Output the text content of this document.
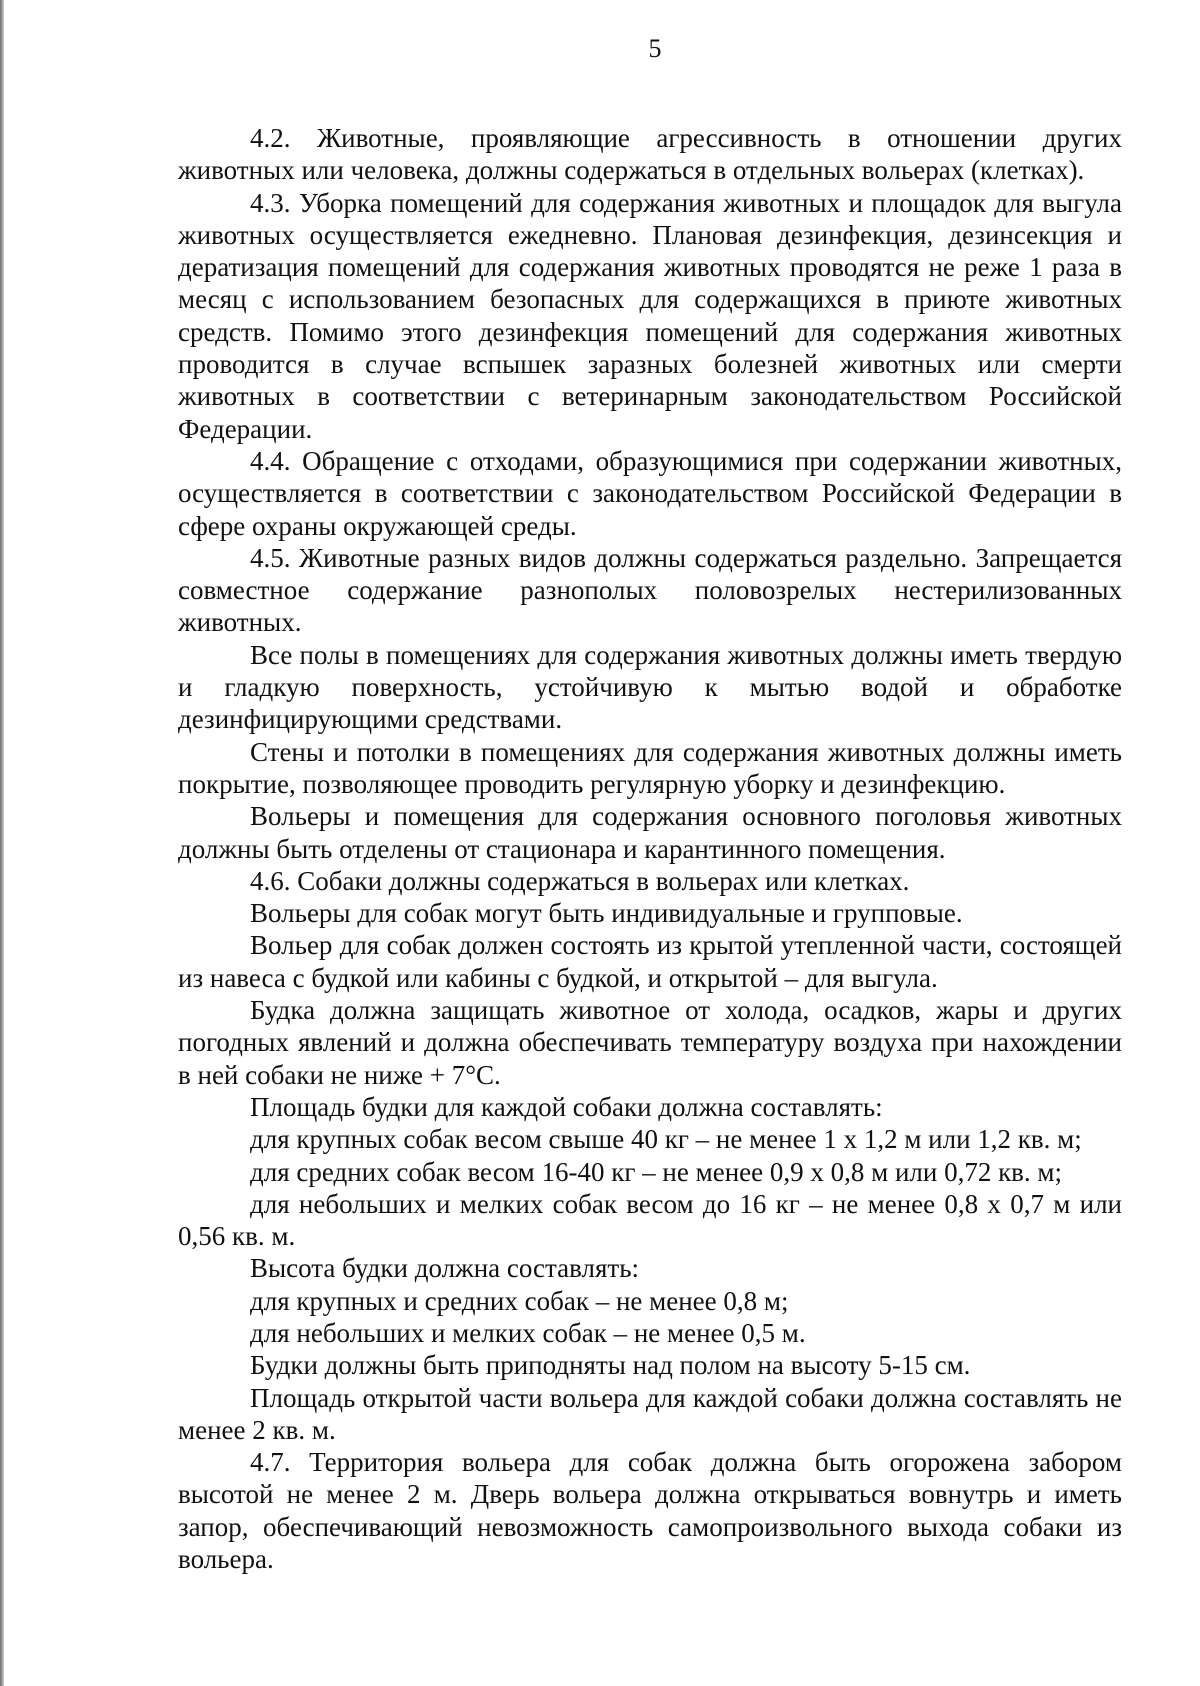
5

4.2. Животные, проявляющие агрессивность в отношении других животных или человека, должны содержаться в отдельных вольерах (клетках).

4.3. Уборка помещений для содержания животных и площадок для выгула животных осуществляется ежедневно. Плановая дезинфекция, дезинсекция и дератизация помещений для содержания животных проводятся не реже 1 раза в месяц с использованием безопасных для содержащихся в приюте животных средств. Помимо этого дезинфекция помещений для содержания животных проводится в случае вспышек заразных болезней животных или смерти животных в соответствии с ветеринарным законодательством Российской Федерации.

4.4. Обращение с отходами, образующимися при содержании животных, осуществляется в соответствии с законодательством Российской Федерации в сфере охраны окружающей среды.

4.5. Животные разных видов должны содержаться раздельно. Запрещается совместное содержание разнополых половозрелых нестерилизованных животных.

Все полы в помещениях для содержания животных должны иметь твердую и гладкую поверхность, устойчивую к мытью водой и обработке дезинфицирующими средствами.

Стены и потолки в помещениях для содержания животных должны иметь покрытие, позволяющее проводить регулярную уборку и дезинфекцию.

Вольеры и помещения для содержания основного поголовья животных должны быть отделены от стационара и карантинного помещения.

4.6. Собаки должны содержаться в вольерах или клетках.

Вольеры для собак могут быть индивидуальные и групповые.

Вольер для собак должен состоять из крытой утепленной части, состоящей из навеса с будкой или кабины с будкой, и открытой – для выгула.

Будка должна защищать животное от холода, осадков, жары и других погодных явлений и должна обеспечивать температуру воздуха при нахождении в ней собаки не ниже + 7°С.

Площадь будки для каждой собаки должна составлять:

для крупных собак весом свыше 40 кг – не менее 1 х 1,2 м или 1,2 кв. м;

для средних собак весом 16-40 кг – не менее 0,9 х 0,8 м или 0,72 кв. м;

для небольших и мелких собак весом до 16 кг – не менее 0,8 х 0,7 м или 0,56 кв. м.

Высота будки должна составлять:

для крупных и средних собак – не менее 0,8 м;

для небольших и мелких собак – не менее 0,5 м.

Будки должны быть приподняты над полом на высоту 5-15 см.

Площадь открытой части вольера для каждой собаки должна составлять не менее 2 кв. м.

4.7. Территория вольера для собак должна быть огорожена забором высотой не менее 2 м. Дверь вольера должна открываться вовнутрь и иметь запор, обеспечивающий невозможность самопроизвольного выхода собаки из вольера.
